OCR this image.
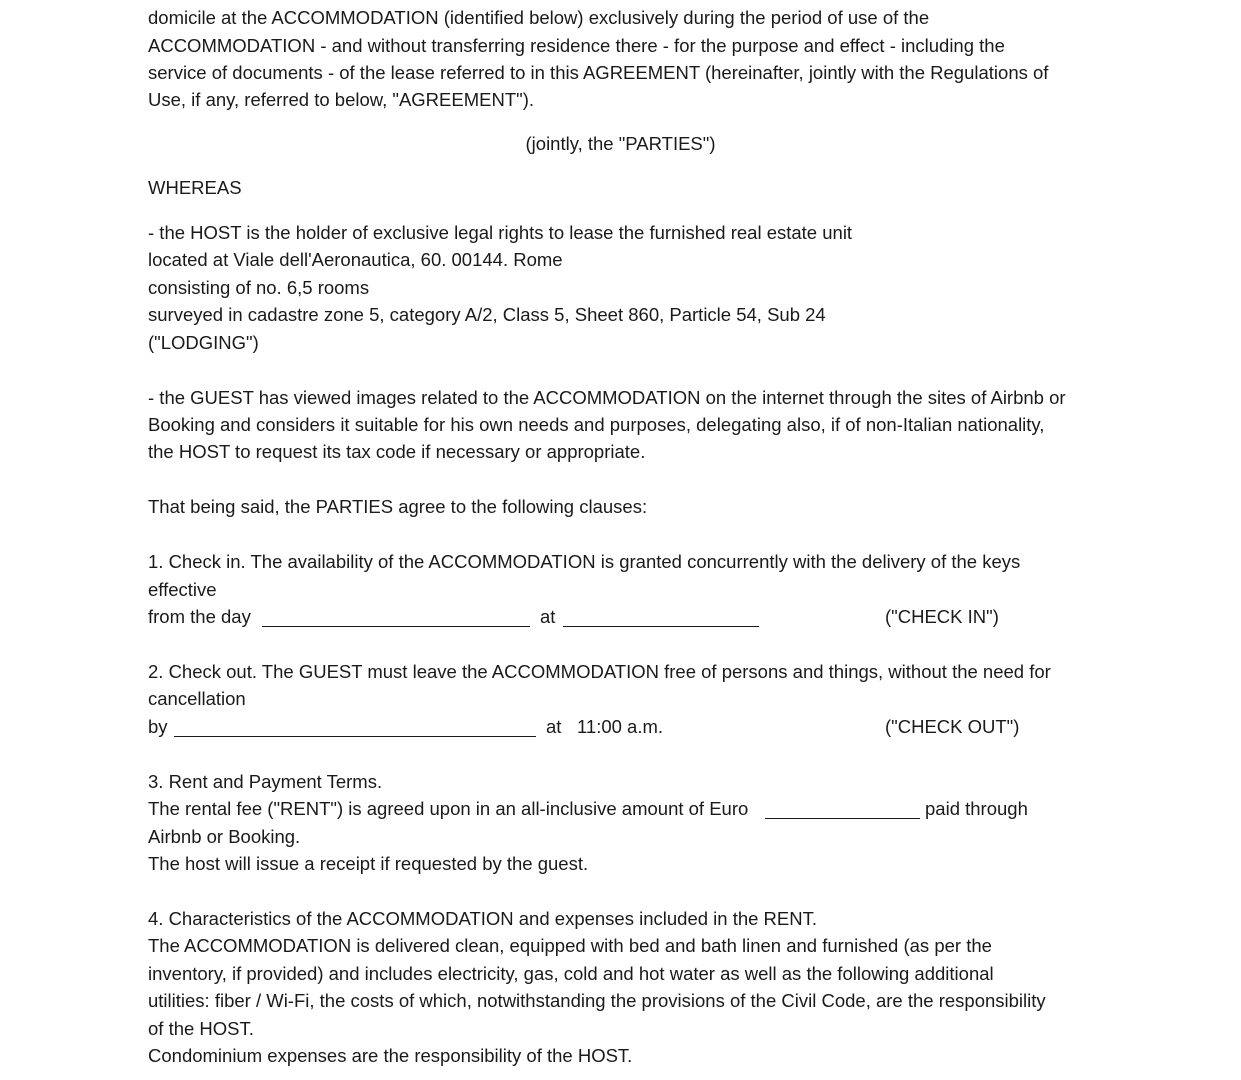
domicile at the ACCOMMODATION (identified below) exclusively during the period of use of the
ACCOMMODATION - and without transferring residence there - for the purpose and effect - including the
service of documents - of the lease referred to in this AGREEMENT (hereinafter, jointly with the Regulations of
Use, if any, referred to below, "AGREEMENT").
(jointly, the "PARTIES")
WHEREAS
- the HOST is the holder of exclusive legal rights to lease the furnished real estate unit
located at Viale dell'Aeronautica, 60. 00144. Rome
consisting of no. 6,5 rooms
surveyed in cadastre zone 5, category A/2, Class 5, Sheet 860, Particle 54, Sub 24
("LODGING")
- the GUEST has viewed images related to the ACCOMMODATION on the internet through the sites of Airbnb or
Booking and considers it suitable for his own needs and purposes, delegating also, if of non-Italian nationality,
the HOST to request its tax code if necessary or appropriate.
That being said, the PARTIES agree to the following clauses:
1. Check in. The availability of the ACCOMMODATION is granted concurrently with the delivery of the keys
effective
from the day	at	("CHECK IN")
2. Check out. The GUEST must leave the ACCOMMODATION free of persons and things, without the need for
cancellation
by	at 11:00 a.m.	("CHECK OUT")
3. Rent and Payment Terms.
The rental fee ("RENT") is agreed upon in an all-inclusive amount of Euro	paid through
Airbnb or Booking.
The host will issue a receipt if requested by the guest.
4. Characteristics of the ACCOMMODATION and expenses included in the RENT.
The ACCOMMODATION is delivered clean, equipped with bed and bath linen and furnished (as per the
inventory, if provided) and includes electricity, gas, cold and hot water as well as the following additional
utilities: fiber / Wi-Fi, the costs of which, notwithstanding the provisions of the Civil Code, are the responsibility
of the HOST.
Condominium expenses are the responsibility of the HOST.
